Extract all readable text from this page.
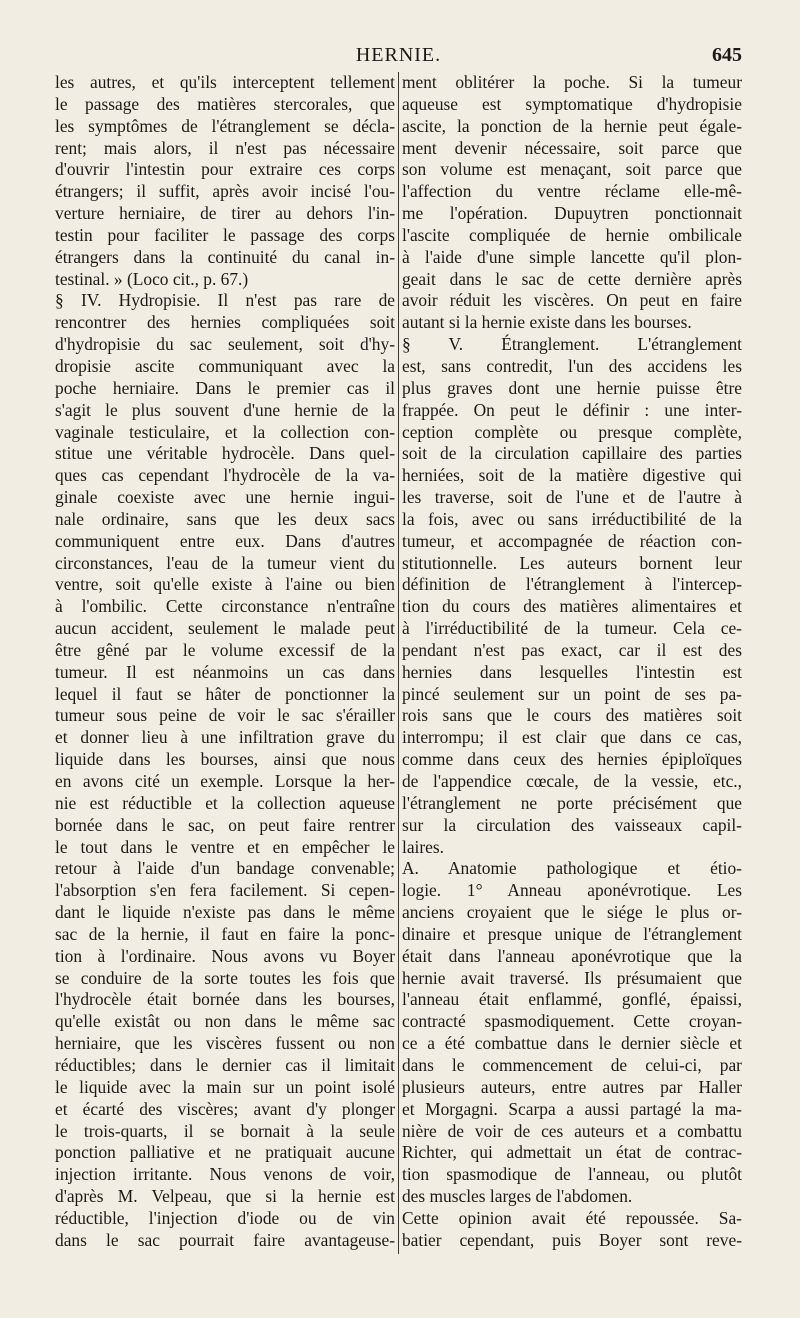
HERNIE.	645
les autres, et qu'ils interceptent tellement
le passage des matières stercorales, que
les symptômes de l'étranglement se décla-
rent; mais alors, il n'est pas nécessaire
d'ouvrir l'intestin pour extraire ces corps
étrangers; il suffit, après avoir incisé l'ou-
verture herniaire, de tirer au dehors l'in-
testin pour faciliter le passage des corps
étrangers dans la continuité du canal in-
testinal. » (Loco cit., p. 67.)
§ IV. Hydropisie. Il n'est pas rare de
rencontrer des hernies compliquées soit
d'hydropisie du sac seulement, soit d'hy-
dropisie ascite communiquant avec la
poche herniaire. Dans le premier cas il
s'agit le plus souvent d'une hernie de la
vaginale testiculaire, et la collection con-
stitue une véritable hydrocèle. Dans quel-
ques cas cependant l'hydrocèle de la va-
ginale coexiste avec une hernie ingui-
nale ordinaire, sans que les deux sacs
communiquent entre eux. Dans d'autres
circonstances, l'eau de la tumeur vient du
ventre, soit qu'elle existe à l'aine ou bien
à l'ombilic. Cette circonstance n'entraîne
aucun accident, seulement le malade peut
être gêné par le volume excessif de la
tumeur. Il est néanmoins un cas dans
lequel il faut se hâter de ponctionner la
tumeur sous peine de voir le sac s'érailler
et donner lieu à une infiltration grave du
liquide dans les bourses, ainsi que nous
en avons cité un exemple. Lorsque la her-
nie est réductible et la collection aqueuse
bornée dans le sac, on peut faire rentrer
le tout dans le ventre et en empêcher le
retour à l'aide d'un bandage convenable;
l'absorption s'en fera facilement. Si cepen-
dant le liquide n'existe pas dans le même
sac de la hernie, il faut en faire la ponc-
tion à l'ordinaire. Nous avons vu Boyer
se conduire de la sorte toutes les fois que
l'hydrocèle était bornée dans les bourses,
qu'elle existât ou non dans le même sac
herniaire, que les viscères fussent ou non
réductibles; dans le dernier cas il limitait
le liquide avec la main sur un point isolé
et écarté des viscères; avant d'y plonger
le trois-quarts, il se bornait à la seule
ponction palliative et ne pratiquait aucune
injection irritante. Nous venons de voir,
d'après M. Velpeau, que si la hernie est
réductible, l'injection d'iode ou de vin
dans le sac pourrait faire avantageuse-
ment oblitérer la poche. Si la tumeur
aqueuse est symptomatique d'hydropisie
ascite, la ponction de la hernie peut égale-
ment devenir nécessaire, soit parce que
son volume est menaçant, soit parce que
l'affection du ventre réclame elle-mê-
me l'opération. Dupuytren ponctionnait
l'ascite compliquée de hernie ombilicale
à l'aide d'une simple lancette qu'il plon-
geait dans le sac de cette dernière après
avoir réduit les viscères. On peut en faire
autant si la hernie existe dans les bourses.
§ V. Étranglement. L'étranglement
est, sans contredit, l'un des accidens les
plus graves dont une hernie puisse être
frappée. On peut le définir : une inter-
ception complète ou presque complète,
soit de la circulation capillaire des parties
herniées, soit de la matière digestive qui
les traverse, soit de l'une et de l'autre à
la fois, avec ou sans irréductibilité de la
tumeur, et accompagnée de réaction con-
stitutionnelle. Les auteurs bornent leur
définition de l'étranglement à l'intercep-
tion du cours des matières alimentaires et
à l'irréductibilité de la tumeur. Cela ce-
pendant n'est pas exact, car il est des
hernies dans lesquelles l'intestin est
pincé seulement sur un point de ses pa-
rois sans que le cours des matières soit
interrompu; il est clair que dans ce cas,
comme dans ceux des hernies épiploïques
de l'appendice cœcale, de la vessie, etc.,
l'étranglement ne porte précisément que
sur la circulation des vaisseaux capil-
laires.
A. Anatomie pathologique et étio-
logie. 1° Anneau aponévrotique. Les
anciens croyaient que le siége le plus or-
dinaire et presque unique de l'étranglement
était dans l'anneau aponévrotique que la
hernie avait traversé. Ils présumaient que
l'anneau était enflammé, gonflé, épaissi,
contracté spasmodiquement. Cette croyan-
ce a été combattue dans le dernier siècle et
dans le commencement de celui-ci, par
plusieurs auteurs, entre autres par Haller
et Morgagni. Scarpa a aussi partagé la ma-
nière de voir de ces auteurs et a combattu
Richter, qui admettait un état de contrac-
tion spasmodique de l'anneau, ou plutôt
des muscles larges de l'abdomen.
Cette opinion avait été repoussée. Sa-
batier cependant, puis Boyer sont reve-
